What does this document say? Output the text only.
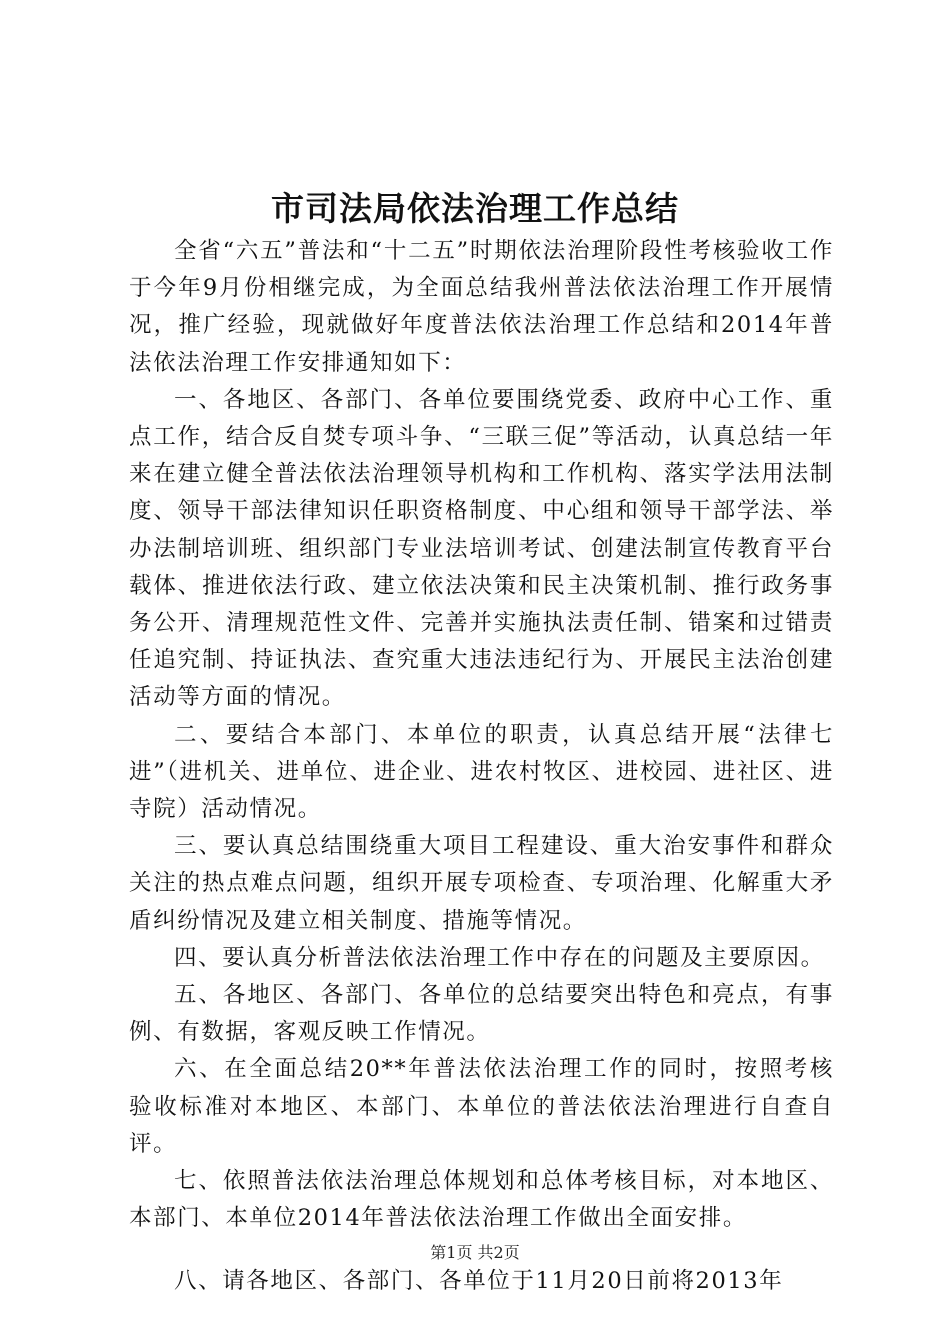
市司法局依法治理工作总结

全省“六五”普法和“十二五”时期依法治理阶段性考核验收工作于今年9月份相继完成，为全面总结我州普法依法治理工作开展情况，推广经验，现就做好年度普法依法治理工作总结和2014年普法依法治理工作安排通知如下：

一、各地区、各部门、各单位要围绕党委、政府中心工作、重点工作，结合反自焚专项斗争、“三联三促”等活动，认真总结一年来在建立健全普法依法治理领导机构和工作机构、落实学法用法制度、领导干部法律知识任职资格制度、中心组和领导干部学法、举办法制培训班、组织部门专业法培训考试、创建法制宣传教育平台载体、推进依法行政、建立依法决策和民主决策机制、推行政务事务公开、清理规范性文件、完善并实施执法责任制、错案和过错责任追究制、持证执法、查究重大违法违纪行为、开展民主法治创建活动等方面的情况。

二、要结合本部门、本单位的职责，认真总结开展“法律七进”（进机关、进单位、进企业、进农村牧区、进校园、进社区、进寺院）活动情况。

三、要认真总结围绕重大项目工程建设、重大治安事件和群众关注的热点难点问题，组织开展专项检查、专项治理、化解重大矛盾纠纷情况及建立相关制度、措施等情况。

四、要认真分析普法依法治理工作中存在的问题及主要原因。

五、各地区、各部门、各单位的总结要突出特色和亮点，有事例、有数据，客观反映工作情况。

六、在全面总结20**年普法依法治理工作的同时，按照考核验收标准对本地区、本部门、本单位的普法依法治理进行自查自评。

七、依照普法依法治理总体规划和总体考核目标，对本地区、本部门、本单位2014年普法依法治理工作做出全面安排。

八、请各地区、各部门、各单位于11月20日前将2013年

第1页 共2页
